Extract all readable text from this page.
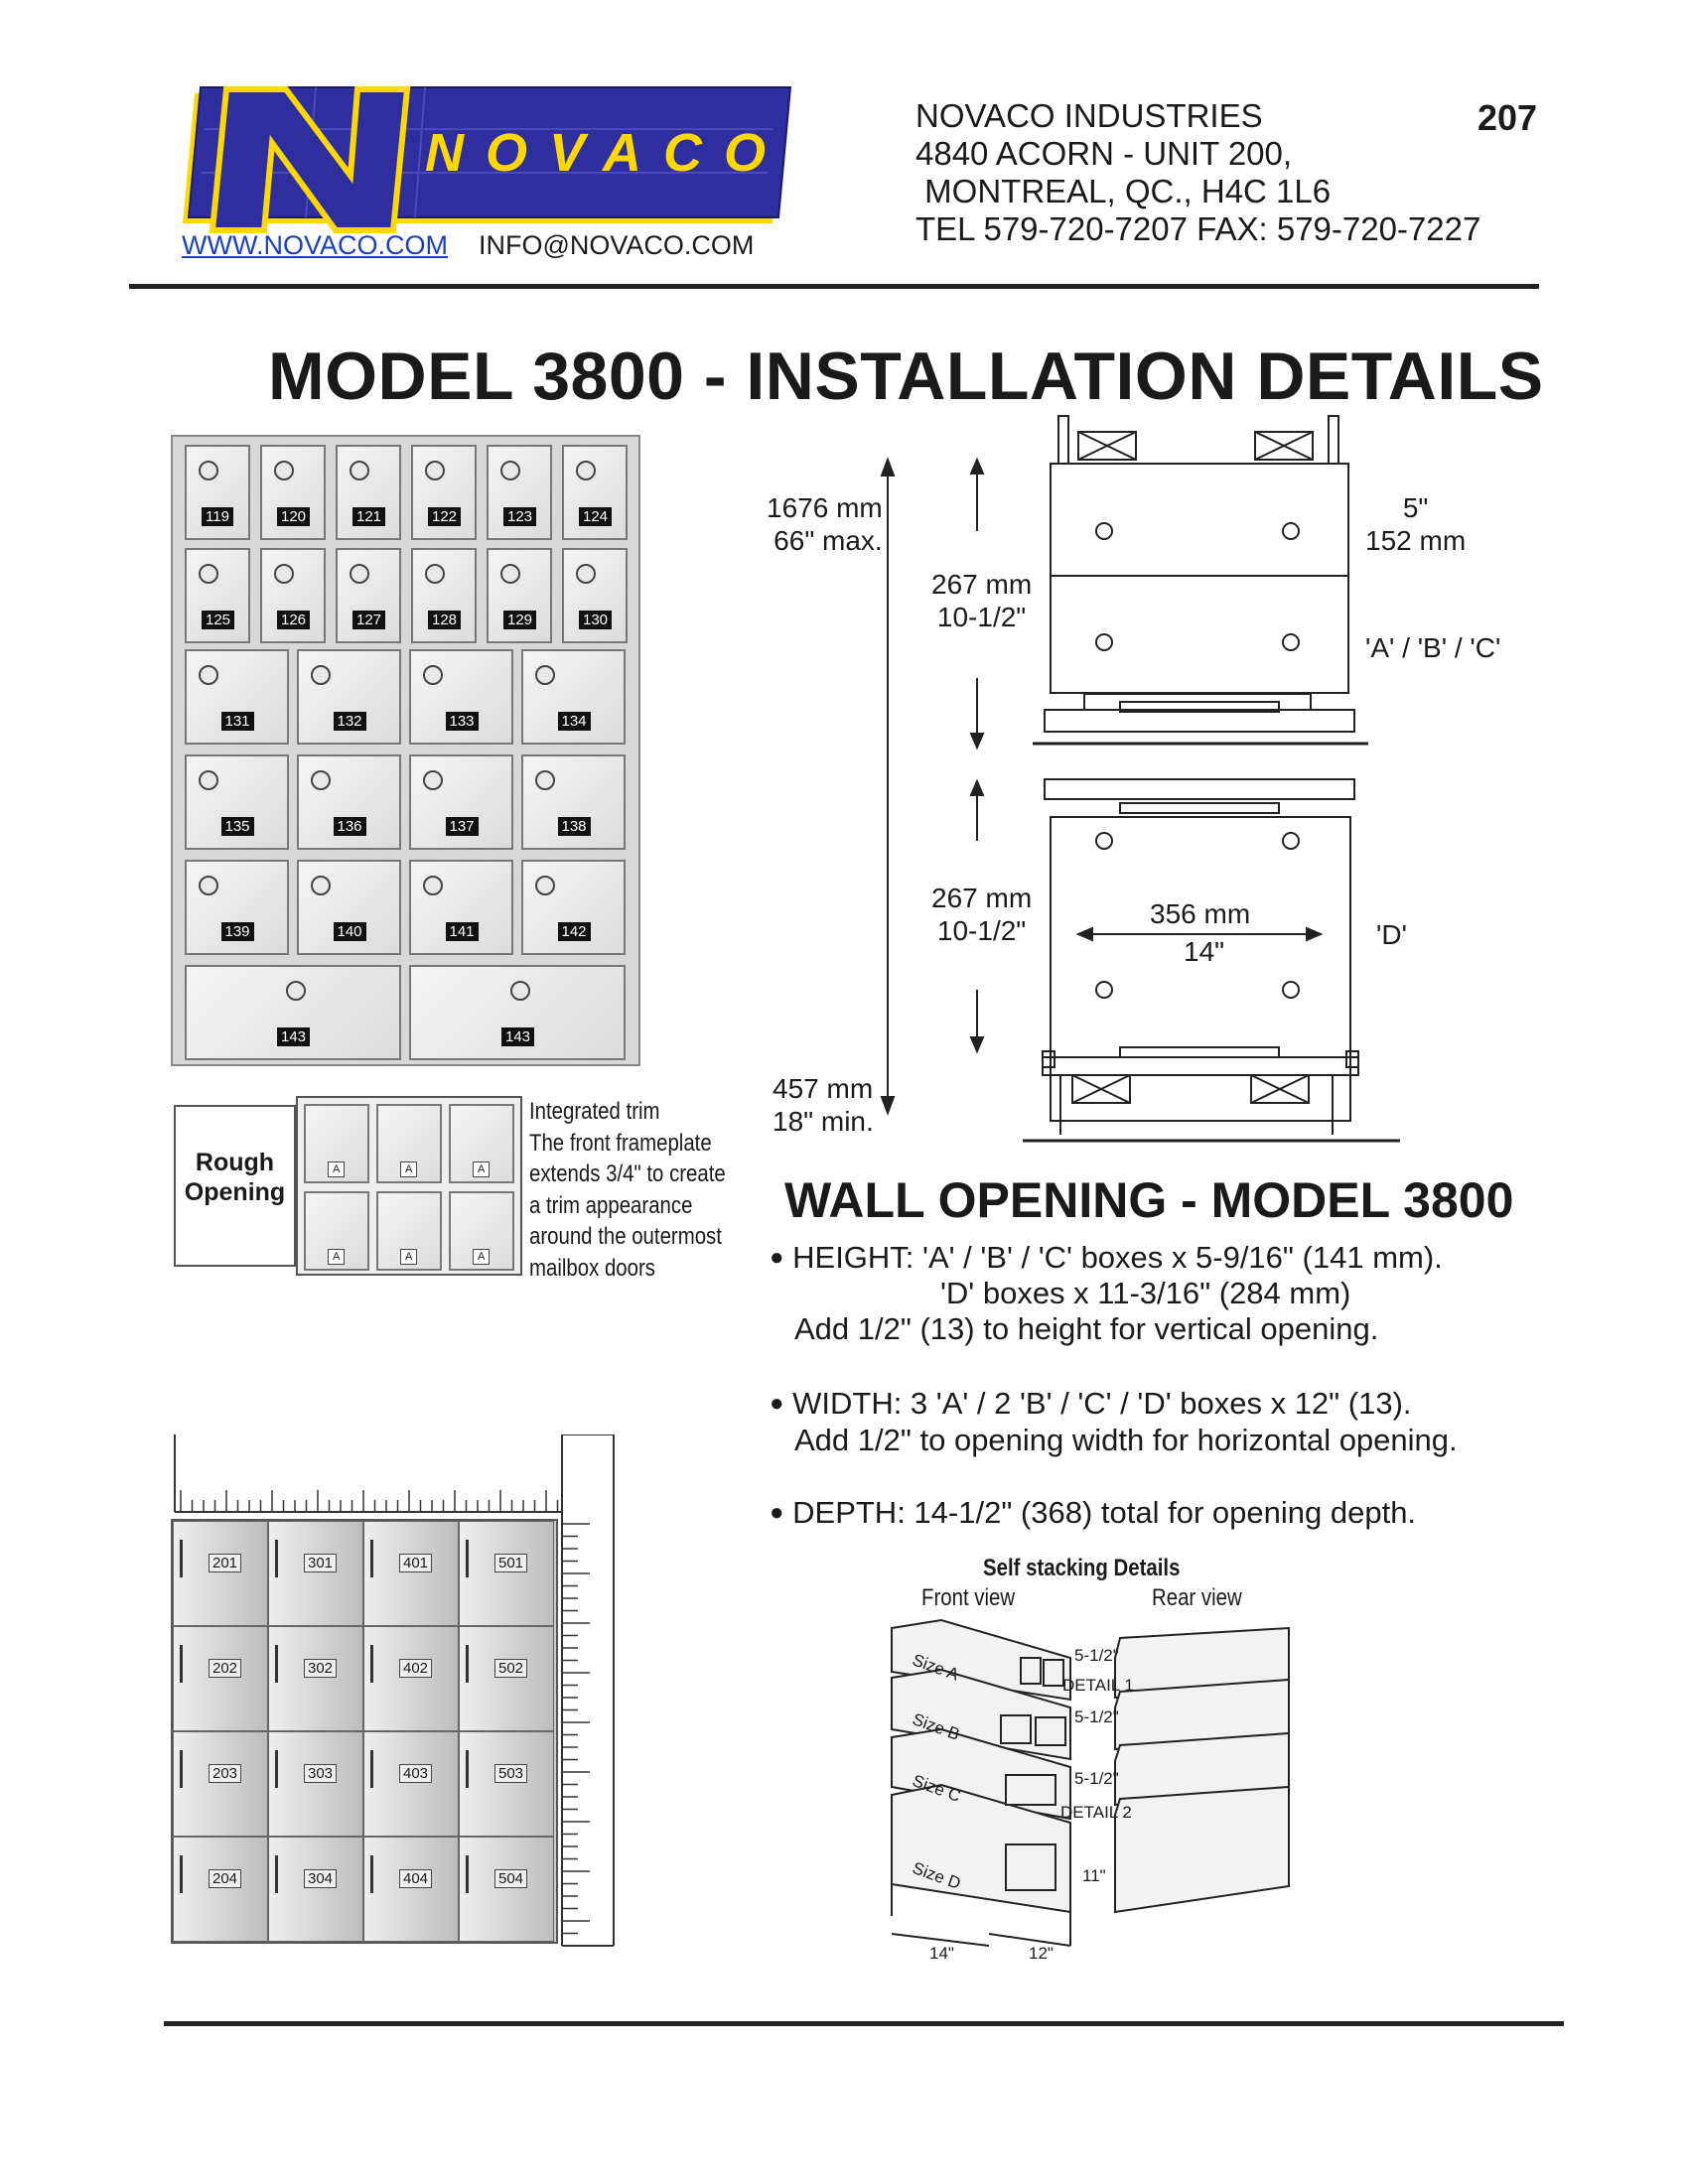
NOVACO
WWW.NOVACO.COM INFO@NOVACO.COM
NOVACO INDUSTRIES
4840 ACORN - UNIT 200,
MONTREAL, QC., H4C 1L6
TEL 579-720-7207 FAX: 579-720-7227
207
MODEL 3800 - INSTALLATION DETAILS
119	120	121	122	123	124
125	126	127	128	129	130
131	132	133	134
135	136	137	138
139	140	141	142
143	143
Rough
Opening
A	A	A
A	A	A
Integrated trim
The front frameplate
extends 3/4" to create
a trim appearance
around the outermost
mailbox doors
1676 mm
66" max.
457 mm
18" min.
267 mm
10-1/2"
267 mm
10-1/2"
5"
152 mm
'A' / 'B' / 'C'
'D'
356 mm
14"
WALL OPENING - MODEL 3800
● HEIGHT: 'A' / 'B' / 'C' boxes x 5-9/16" (141 mm).
'D' boxes x 11-3/16" (284 mm)
Add 1/2" (13) to height for vertical opening.
● WIDTH: 3 'A' / 2 'B' / 'C' / 'D' boxes x 12" (13).
Add 1/2" to opening width for horizontal opening.
● DEPTH: 14-1/2" (368) total for opening depth.
201	301	401	501
202	302	402	502
203	303	403	503
204	304	404	504
Self stacking Details
Front view	Rear view
Size A
Size B
Size C
Size D
5-1/2"
DETAIL 1
5-1/2"
5-1/2"
DETAIL 2
11"
14"	12"
